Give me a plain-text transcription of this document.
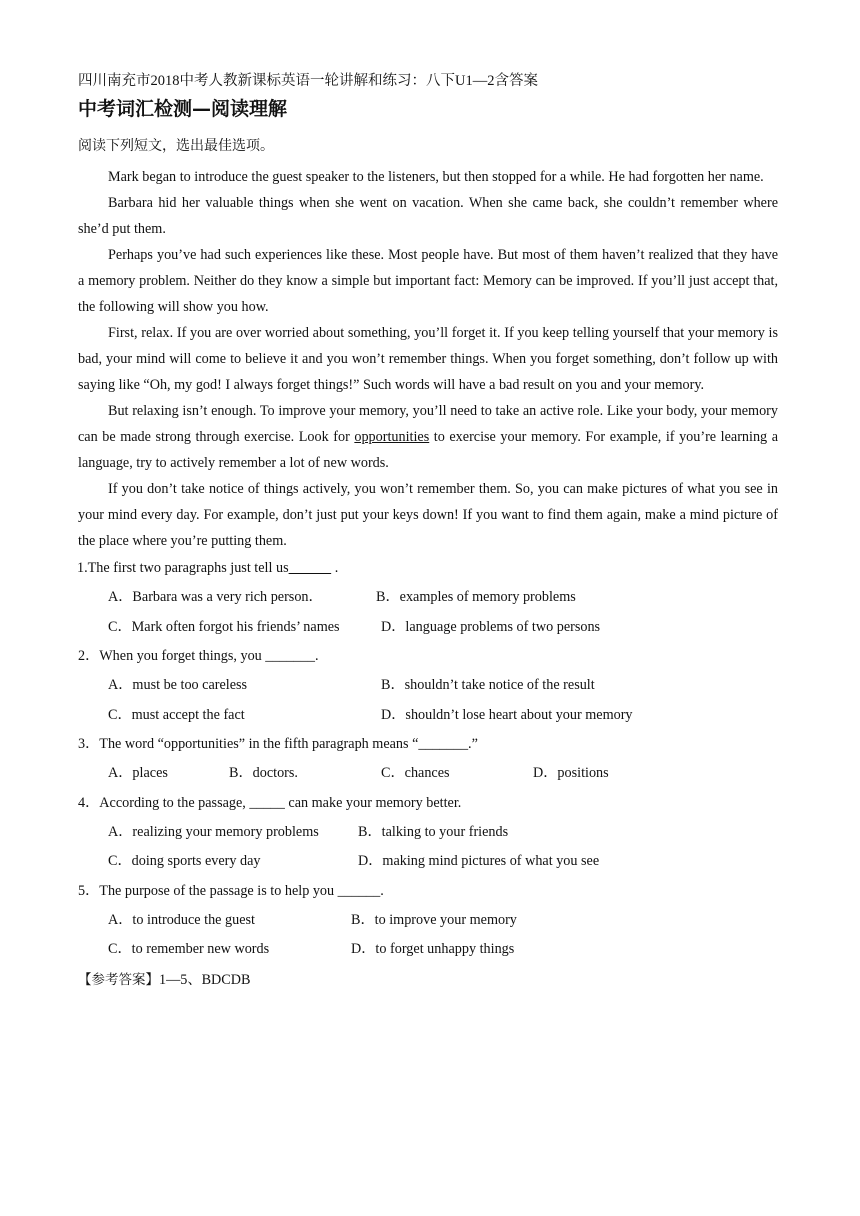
四川南充市2018中考人教新课标英语一轮讲解和练习：八下U1—2含答案
中考词汇检测—阅读理解
阅读下列短文，选出最佳选项。

Mark began to introduce the guest speaker to the listeners, but then stopped for a while. He had forgotten her name.

Barbara hid her valuable things when she went on vacation. When she came back, she couldn’t remember where she’d put them.

Perhaps you’ve had such experiences like these. Most people have. But most of them haven’t realized that they have a memory problem. Neither do they know a simple but important fact: Memory can be improved. If you’ll just accept that, the following will show you how.

First, relax. If you are over worried about something, you’ll forget it. If you keep telling yourself that your memory is bad, your mind will come to believe it and you won’t remember things. When you forget something, don’t follow up with saying like “Oh, my god! I always forget things!” Such words will have a bad result on you and your memory.

But relaxing isn’t enough. To improve your memory, you’ll need to take an active role. Like your body, your memory can be made strong through exercise. Look for opportunities to exercise your memory. For example, if you’re learning a language, try to actively remember a lot of new words.

If you don’t take notice of things actively, you won’t remember them. So, you can make pictures of what you see in your mind every day. For example, don’t just put your keys down! If you want to find them again, make a mind picture of the place where you’re putting them.

1.The first two paragraphs just tell us	.
A．Barbara was a very rich person．	B．examples of memory problems
C．Mark often forgot his friends’ names	D．language problems of two persons
2．When you forget things, you _______.
A．must be too careless	B．shouldn’t take notice of the result
C．must accept the fact	D．shouldn’t lose heart about your memory
3．The word “opportunities” in the fifth paragraph means “_______.”
A．places	B．doctors.	C．chances	D．positions
4．According to the passage, _____ can make your memory better.
A．realizing your memory problems	B．talking to your friends
C．doing sports every day	D．making mind pictures of what you see
5．The purpose of the passage is to help you ______.
A．to introduce the guest	B．to improve your memory
C．to remember new words	D．to forget unhappy things
【参考答案】1—5、BDCDB
